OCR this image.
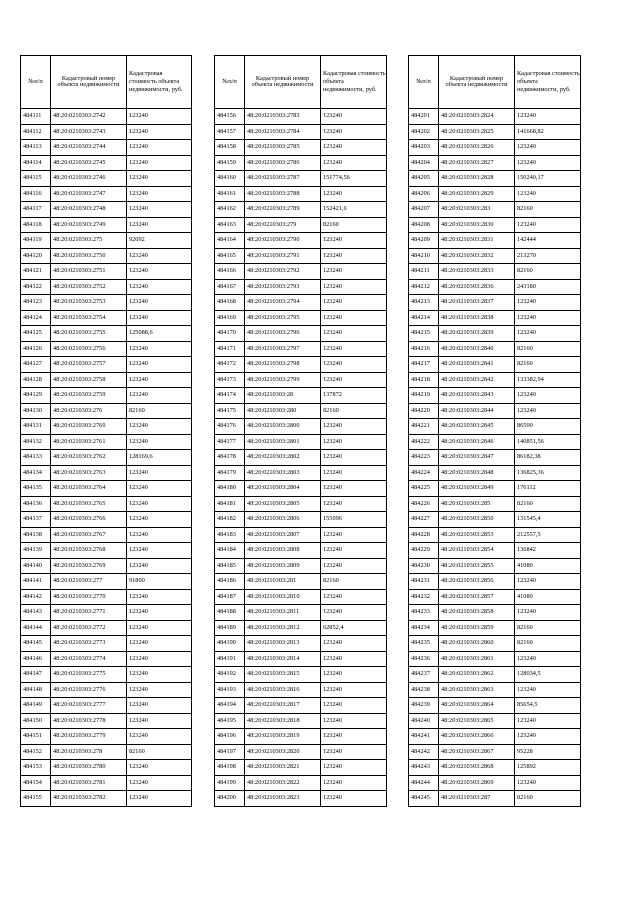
№п/п	Кадастровый номер объекта недвижимости	Кадастровая стоимость объекта недвижимости, руб.
484111	48:20:0210303:2742	123240
484112	48:20:0210303:2743	123240
484113	48:20:0210303:2744	123240
484114	48:20:0210303:2745	123240
484115	48:20:0210303:2746	123240
484116	48:20:0210303:2747	123240
484117	48:20:0210303:2748	123240
484118	48:20:0210303:2749	123240
484119	48:20:0210303:275	92092
484120	48:20:0210303:2750	123240
484121	48:20:0210303:2751	123240
484122	48:20:0210303:2752	123240
484123	48:20:0210303:2753	123240
484124	48:20:0210303:2754	123240
484125	48:20:0210303:2755	125088,6
484126	48:20:0210303:2756	123240
484127	48:20:0210303:2757	123240
484128	48:20:0210303:2758	123240
484129	48:20:0210303:2759	123240
484130	48:20:0210303:276	82160
484131	48:20:0210303:2760	123240
484132	48:20:0210303:2761	123240
484133	48:20:0210303:2762	128169,6
484134	48:20:0210303:2763	123240
484135	48:20:0210303:2764	123240
484136	48:20:0210303:2765	123240
484137	48:20:0210303:2766	123240
484138	48:20:0210303:2767	123240
484139	48:20:0210303:2768	123240
484140	48:20:0210303:2769	123240
484141	48:20:0210303:277	91800
484142	48:20:0210303:2770	123240
484143	48:20:0210303:2771	123240
484144	48:20:0210303:2772	123240
484145	48:20:0210303:2773	123240
484146	48:20:0210303:2774	123240
484147	48:20:0210303:2775	123240
484148	48:20:0210303:2776	123240
484149	48:20:0210303:2777	123240
484150	48:20:0210303:2778	123240
484151	48:20:0210303:2779	123240
484152	48:20:0210303:278	82160
484153	48:20:0210303:2780	123240
484154	48:20:0210303:2781	123240
484155	48:20:0210303:2782	123240
№п/п	Кадастровый номер объекта недвижимости	Кадастровая стоимость объекта недвижимости, руб.
484156	48:20:0210303:2783	123240
484157	48:20:0210303:2784	123240
484158	48:20:0210303:2785	123240
484159	48:20:0210303:2786	123240
484160	48:20:0210303:2787	151774,56
484161	48:20:0210303:2788	123240
484162	48:20:0210303:2789	152421,6
484163	48:20:0210303:279	82160
484164	48:20:0210303:2790	123240
484165	48:20:0210303:2791	123240
484166	48:20:0210303:2792	123240
484167	48:20:0210303:2793	123240
484168	48:20:0210303:2794	123240
484169	48:20:0210303:2795	123240
484170	48:20:0210303:2796	123240
484171	48:20:0210303:2797	123240
484172	48:20:0210303:2798	123240
484173	48:20:0210303:2799	123240
484174	48:20:0210303:28	137872
484175	48:20:0210303:280	82160
484176	48:20:0210303:2800	123240
484177	48:20:0210303:2801	123240
484178	48:20:0210303:2802	123240
484179	48:20:0210303:2803	123240
484180	48:20:0210303:2804	123240
484181	48:20:0210303:2805	123240
484182	48:20:0210303:2806	155096
484183	48:20:0210303:2807	123240
484184	48:20:0210303:2808	123240
484185	48:20:0210303:2809	123240
484186	48:20:0210303:281	82160
484187	48:20:0210303:2810	123240
484188	48:20:0210303:2811	123240
484189	48:20:0210303:2812	62852,4
484190	48:20:0210303:2813	123240
484191	48:20:0210303:2814	123240
484192	48:20:0210303:2815	123240
484193	48:20:0210303:2816	123240
484194	48:20:0210303:2817	123240
484195	48:20:0210303:2818	123240
484196	48:20:0210303:2819	123240
484197	48:20:0210303:2820	123240
484198	48:20:0210303:2821	123240
484199	48:20:0210303:2822	123240
484200	48:20:0210303:2823	123240
№п/п	Кадастровый номер объекта недвижимости	Кадастровая стоимость объекта недвижимости, руб.
484201	48:20:0210303:2824	123240
484202	48:20:0210303:2825	141668,82
484203	48:20:0210303:2826	123240
484204	48:20:0210303:2827	123240
484205	48:20:0210303:2828	150240,17
484206	48:20:0210303:2829	123240
484207	48:20:0210303:283	82160
484208	48:20:0210303:2830	123240
484209	48:20:0210303:2831	142444
484210	48:20:0210303:2832	213270
484211	48:20:0210303:2833	82160
484212	48:20:0210303:2836	243180
484213	48:20:0210303:2837	123240
484214	48:20:0210303:2838	123240
484215	48:20:0210303:2839	123240
484216	48:20:0210303:2840	82160
484217	48:20:0210303:2841	82160
484218	48:20:0210303:2842	133382,94
484219	48:20:0210303:2843	123240
484220	48:20:0210303:2844	123240
484221	48:20:0210303:2845	86500
484222	48:20:0210303:2846	140851,56
484223	48:20:0210303:2847	86182,38
484224	48:20:0210303:2848	136825,36
484225	48:20:0210303:2849	176112
484226	48:20:0210303:285	82160
484227	48:20:0210303:2850	131545,4
484228	48:20:0210303:2853	212557,5
484229	48:20:0210303:2854	136842
484230	48:20:0210303:2855	41080
484231	48:20:0210303:2856	123240
484232	48:20:0210303:2857	41080
484233	48:20:0210303:2858	123240
484234	48:20:0210303:2859	82160
484235	48:20:0210303:2860	82160
484236	48:20:0210303:2861	123240
484237	48:20:0210303:2862	128034,5
484238	48:20:0210303:2863	123240
484239	48:20:0210303:2864	85654,5
484240	48:20:0210303:2865	123240
484241	48:20:0210303:2866	123240
484242	48:20:0210303:2867	95228
484243	48:20:0210303:2868	125892
484244	48:20:0210303:2869	123240
484245	48:20:0210303:287	82160
